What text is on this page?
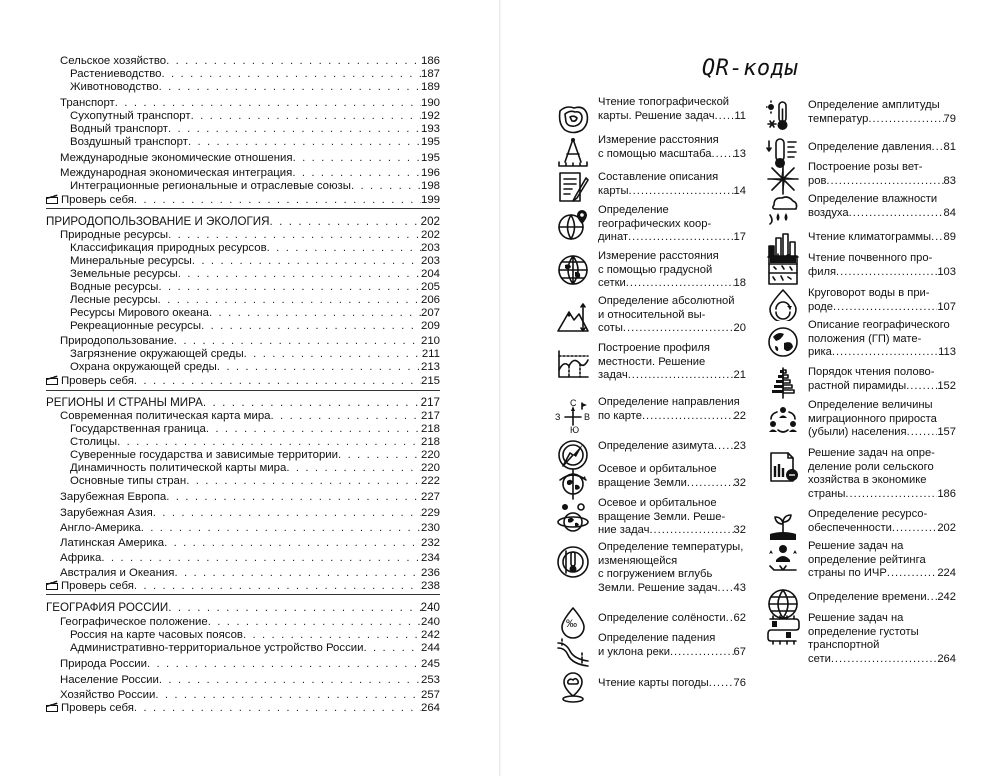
Сельское хозяйство . . .	186
Растениеводство . . .	187
Животноводство . . .	189
Транспорт . . .	190
Сухопутный транспорт . . .	192
Водный транспорт . . .	193
Воздушный транспорт . . .	195
Международные экономические отношения . . .	195
Международная экономическая интеграция . . .	196
Интеграционные региональные и отраслевые союзы . . .	198
Проверь себя . . .	199
ПРИРОДОПОЛЬЗОВАНИЕ И ЭКОЛОГИЯ . . .	202
Природные ресурсы . . .	202
Классификация природных ресурсов . . .	203
Минеральные ресурсы . . .	203
Земельные ресурсы . . .	204
Водные ресурсы . . .	205
Лесные ресурсы . . .	206
Ресурсы Мирового океана . . .	207
Рекреационные ресурсы . . .	209
Природопользование . . .	210
Загрязнение окружающей среды . . .	211
Охрана окружающей среды . . .	213
Проверь себя . . .	215
РЕГИОНЫ И СТРАНЫ МИРА . . .	217
Современная политическая карта мира . . .	217
Государственная граница . . .	218
Столицы . . .	218
Суверенные государства и зависимые территории . . .	220
Динамичность политической карты мира . . .	220
Основные типы стран . . .	222
Зарубежная Европа . . .	227
Зарубежная Азия . . .	229
Англо-Америка . . .	230
Латинская Америка . . .	232
Африка . . .	234
Австралия и Океания . . .	236
Проверь себя . . .	238
ГЕОГРАФИЯ РОССИИ . . .	240
Географическое положение . . .	240
Россия на карте часовых поясов . . .	242
Административно-территориальное устройство России . . .	244
Природа России . . .	245
Население России . . .	253
Хозяйство России . . .	257
Проверь себя . . .	264
QR-коды
Чтение топографической
карты. Решение задач ..... 11
Измерение расстояния
с помощью масштаба ..... 13
Составление описания
карты .....	14
Определение
географических коор-
динат .....	17
Измерение расстояния
с помощью градусной
сетки .....	18
Определение абсолютной
и относительной вы-
соты .....	20
Построение профиля
местности. Решение
задач .....	21
С
З	В
Ю
Определение направления
по карте .....	22
Определение азимута ..... 23
Осевое и орбитальное
вращение Земли .....	32
Осевое и орбитальное
вращение Земли. Реше-
ние задач .....	32
Определение температуры,
изменяющейся
с погружением вглубь
Земли. Решение задач ..... 43
‰ Определение солёности ..... 62
Определение падения
и уклона реки .....	67
Чтение карты погоды ..... 76
Определение амплитуды
температур .....	79
Определение давления ..... 81
Построение розы вет-
ров .....	83
Определение влажности
воздуха .....	84
Чтение климатограммы ..... 89
Чтение почвенного про-
филя .....	103
Круговорот воды в при-
роде .....	107
Описание географического
положения (ГП) мате-
рика .....	113
Порядок чтения полово-
растной пирамиды .....	152
Определение величины
миграционного прироста
(убыли) населения .....	157
Решение задач на опре-
деление роли сельского
хозяйства в экономике
страны .....	186
Определение ресурсо-
обеспеченности .....	202
Решение задач на
определение рейтинга
страны по ИЧР .....	224
Определение времени ..... 242
Решение задач на
определение густоты
транспортной
сети .....	264
